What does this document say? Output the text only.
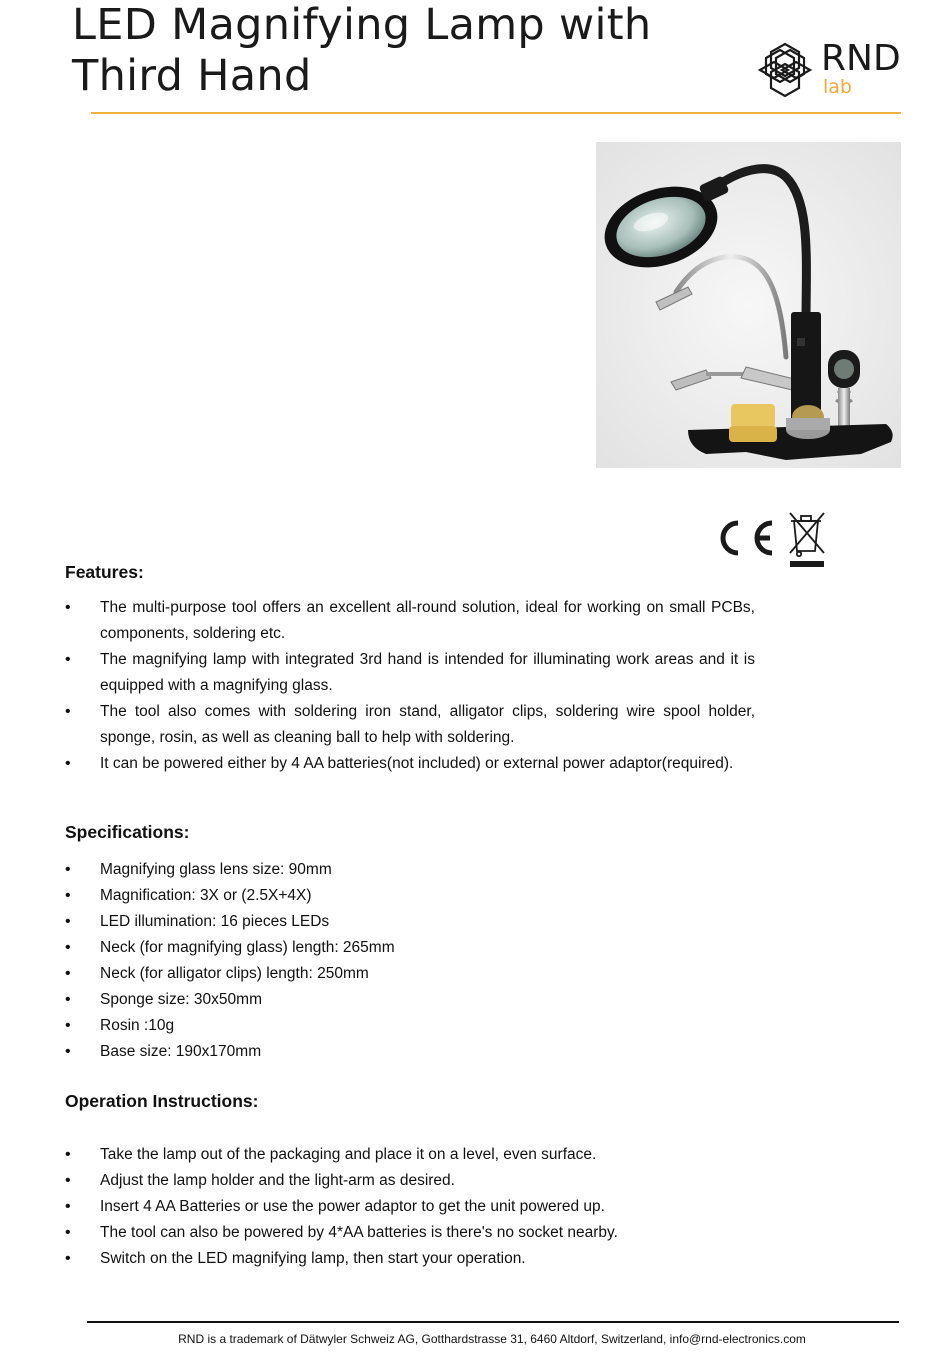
LED Magnifying Lamp with
Third Hand	RND
lab
Features:
• The multi-purpose tool offers an excellent all-round solution, ideal for working on small PCBs, components, soldering etc.
• The magnifying lamp with integrated 3rd hand is intended for illuminating work areas and it is equipped with a magnifying glass.
• The tool also comes with soldering iron stand, alligator clips, soldering wire spool holder, sponge, rosin, as well as cleaning ball to help with soldering.
• It can be powered either by 4 AA batteries(not included) or external power adaptor(required).
Specifications:
• Magnifying glass lens size: 90mm
• Magnification: 3X or (2.5X+4X)
• LED illumination: 16 pieces LEDs
• Neck (for magnifying glass) length: 265mm
• Neck (for alligator clips) length: 250mm
• Sponge size: 30x50mm
• Rosin :10g
• Base size: 190x170mm
Operation Instructions:
• Take the lamp out of the packaging and place it on a level, even surface.
• Adjust the lamp holder and the light-arm as desired.
• Insert 4 AA Batteries or use the power adaptor to get the unit powered up.
• The tool can also be powered by 4*AA batteries is there's no socket nearby.
• Switch on the LED magnifying lamp, then start your operation.
RND is a trademark of Dätwyler Schweiz AG, Gotthardstrasse 31, 6460 Altdorf, Switzerland, info@rnd-electronics.com
